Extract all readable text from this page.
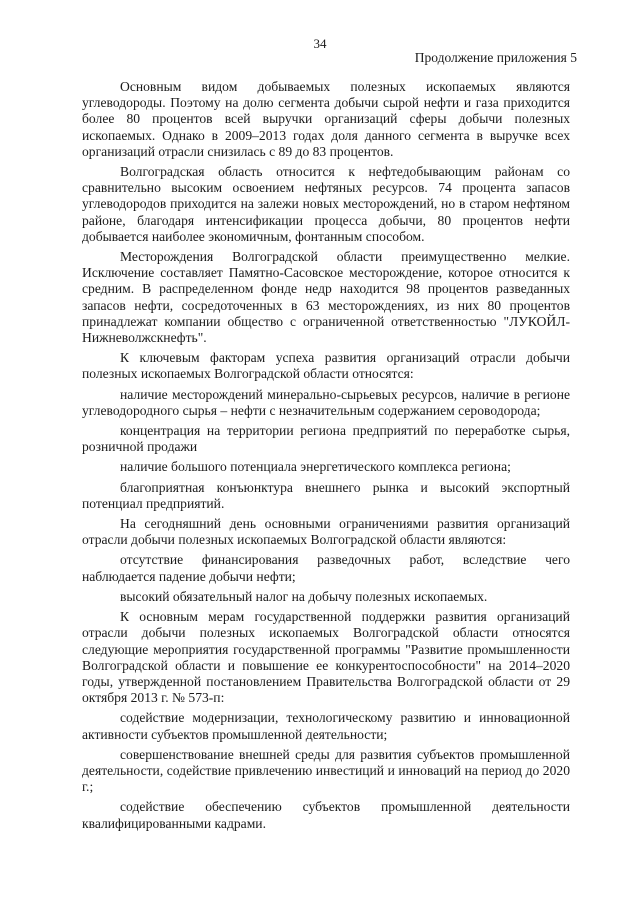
34
Продолжение приложения 5

Основным видом добываемых полезных ископаемых являются углеводороды. Поэтому на долю сегмента добычи сырой нефти и газа приходится более 80 процентов всей выручки организаций сферы добычи полезных ископаемых. Однако в 2009–2013 годах доля данного сегмента в выручке всех организаций отрасли снизилась с 89 до 83 процентов.

Волгоградская область относится к нефтедобывающим районам со сравнительно высоким освоением нефтяных ресурсов. 74 процента запасов углеводородов приходится на залежи новых месторождений, но в старом нефтяном районе, благодаря интенсификации процесса добычи, 80 процентов нефти добывается наиболее экономичным, фонтанным способом.

Месторождения Волгоградской области преимущественно мелкие. Исключение составляет Памятно-Сасовское месторождение, которое относится к средним. В распределенном фонде недр находится 98 процентов разведанных запасов нефти, сосредоточенных в 63 месторождениях, из них 80 процентов принадлежат компании общество с ограниченной ответственностью "ЛУКОЙЛ-Нижневолжскнефть".

К ключевым факторам успеха развития организаций отрасли добычи полезных ископаемых Волгоградской области относятся:

наличие месторождений минерально-сырьевых ресурсов, наличие в регионе углеводородного сырья – нефти с незначительным содержанием сероводорода;

концентрация на территории региона предприятий по переработке сырья, розничной продажи

наличие большого потенциала энергетического комплекса региона;

благоприятная конъюнктура внешнего рынка и высокий экспортный потенциал предприятий.

На сегодняшний день основными ограничениями развития организаций отрасли добычи полезных ископаемых Волгоградской области являются:

отсутствие финансирования разведочных работ, вследствие чего наблюдается падение добычи нефти;

высокий обязательный налог на добычу полезных ископаемых.

К основным мерам государственной поддержки развития организаций отрасли добычи полезных ископаемых Волгоградской области относятся следующие мероприятия государственной программы "Развитие промышленности Волгоградской области и повышение ее конкурентоспособности" на 2014–2020 годы, утвержденной постановлением Правительства Волгоградской области от 29 октября 2013 г. № 573-п:

содействие модернизации, технологическому развитию и инновационной активности субъектов промышленной деятельности;

совершенствование внешней среды для развития субъектов промышленной деятельности, содействие привлечению инвестиций и инноваций на период до 2020 г.;

содействие обеспечению субъектов промышленной деятельности квалифицированными кадрами.
